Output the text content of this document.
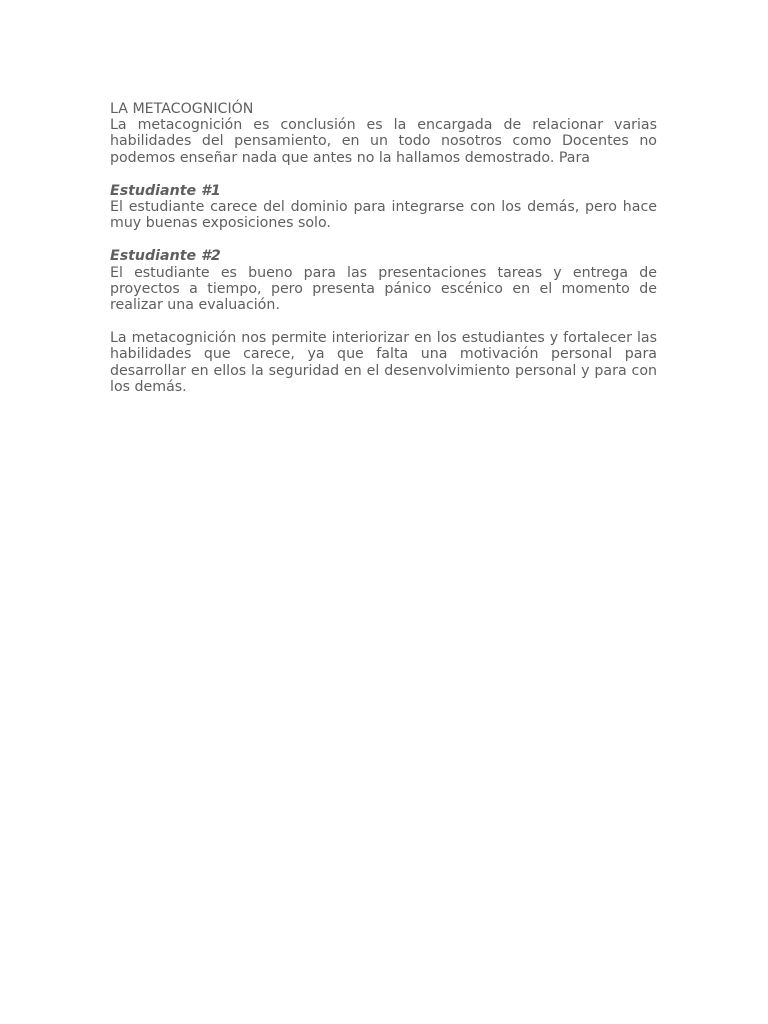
LA METACOGNICIÓN

La metacognición es conclusión es la encargada de relacionar varias habilidades del pensamiento, en un todo nosotros como Docentes no podemos enseñar nada que antes no la hallamos demostrado. Para

Estudiante #1

El estudiante carece del dominio para integrarse con los demás, pero hace muy buenas exposiciones solo.

Estudiante #2

El estudiante es bueno para las presentaciones tareas y entrega de proyectos a tiempo, pero presenta pánico escénico en el momento de realizar una evaluación.

La metacognición nos permite interiorizar en los estudiantes y fortalecer las habilidades que carece, ya que falta una motivación personal para desarrollar en ellos la seguridad en el desenvolvimiento personal y para con los demás.
